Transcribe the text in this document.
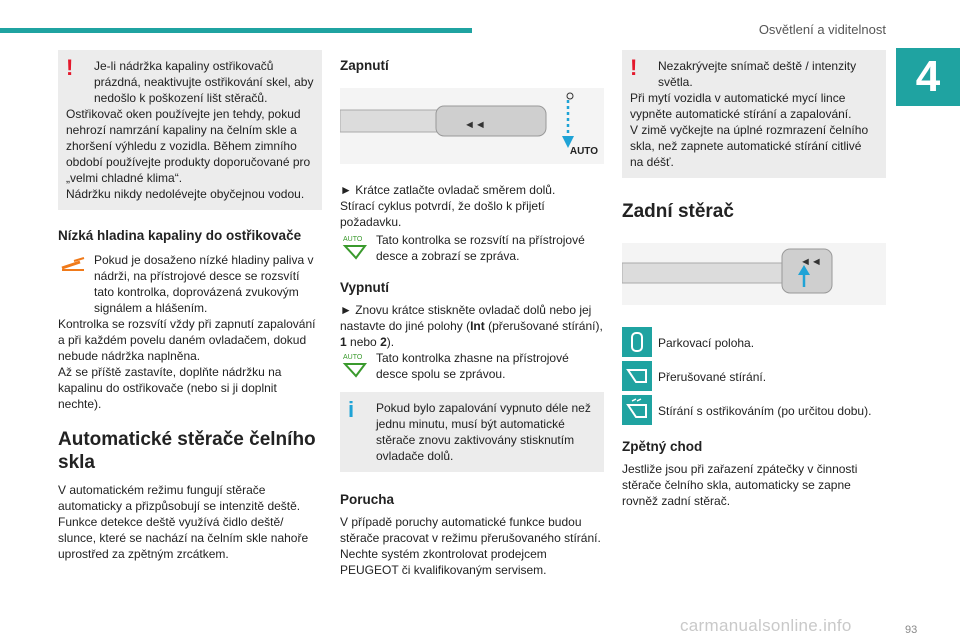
Osvětlení a viditelnost
4
!	Je-li nádržka kapaliny ostřikovačů prázdná, neaktivujte ostřikování skel, aby nedošlo k poškození lišt stěračů.

Ostřikovač oken používejte jen tehdy, pokud nehrozí namrzání kapaliny na čelním skle a zhoršení výhledu z vozidla. Během zimního období používejte produkty doporučované pro „velmi chladné klima“.

Nádržku nikdy nedolévejte obyčejnou vodou.

Nízká hladina kapaliny do ostřikovače

Pokud je dosaženo nízké hladiny paliva v nádrži, na přístrojové desce se rozsvítí tato kontrolka, doprovázená zvukovým signálem a hlášením.

Kontrolka se rozsvítí vždy při zapnutí zapalování a při každém povelu daném ovladačem, dokud nebude nádržka naplněna.

Až se příště zastavíte, doplňte nádržku na kapalinu do ostřikovače (nebo si ji doplnit nechte).

Automatické stěrače čelního skla

V automatickém režimu fungují stěrače automaticky a přizpůsobují se intenzitě deště.

Funkce detekce deště využívá čidlo deště/ slunce, které se nachází na čelním skle nahoře uprostřed za zpětným zrcátkem.

Zapnutí
◄◄
AUTO

► Krátce zatlačte ovladač směrem dolů.

Stírací cyklus potvrdí, že došlo k přijetí požadavku.

AUTO	Tato kontrolka se rozsvítí na přístrojové desce a zobrazí se zpráva.

Vypnutí

► Znovu krátce stiskněte ovladač dolů nebo jej nastavte do jiné polohy (Int (přerušované stírání), 1 nebo 2).

AUTO	Tato kontrolka zhasne na přístrojové desce spolu se zprávou.

i	Pokud bylo zapalování vypnuto déle než jednu minutu, musí být automatické stěrače znovu zaktivovány stisknutím ovladače dolů.

Porucha

V případě poruchy automatické funkce budou stěrače pracovat v režimu přerušovaného stírání.

Nechte systém zkontrolovat prodejcem PEUGEOT či kvalifikovaným servisem.

!	Nezakrývejte snímač deště / intenzity světla.

Při mytí vozidla v automatické mycí lince vypněte automatické stírání a zapalování.

V zimě vyčkejte na úplné rozmrazení čelního skla, než zapnete automatické stírání citlivé na déšť.

Zadní stěrač
◄◄

Parkovací poloha.

Přerušované stírání.

Stírání s ostřikováním (po určitou dobu).

Zpětný chod

Jestliže jsou při zařazení zpátečky v činnosti stěrače čelního skla, automaticky se zapne rovněž zadní stěrač.

carmanualsonline.info	93
